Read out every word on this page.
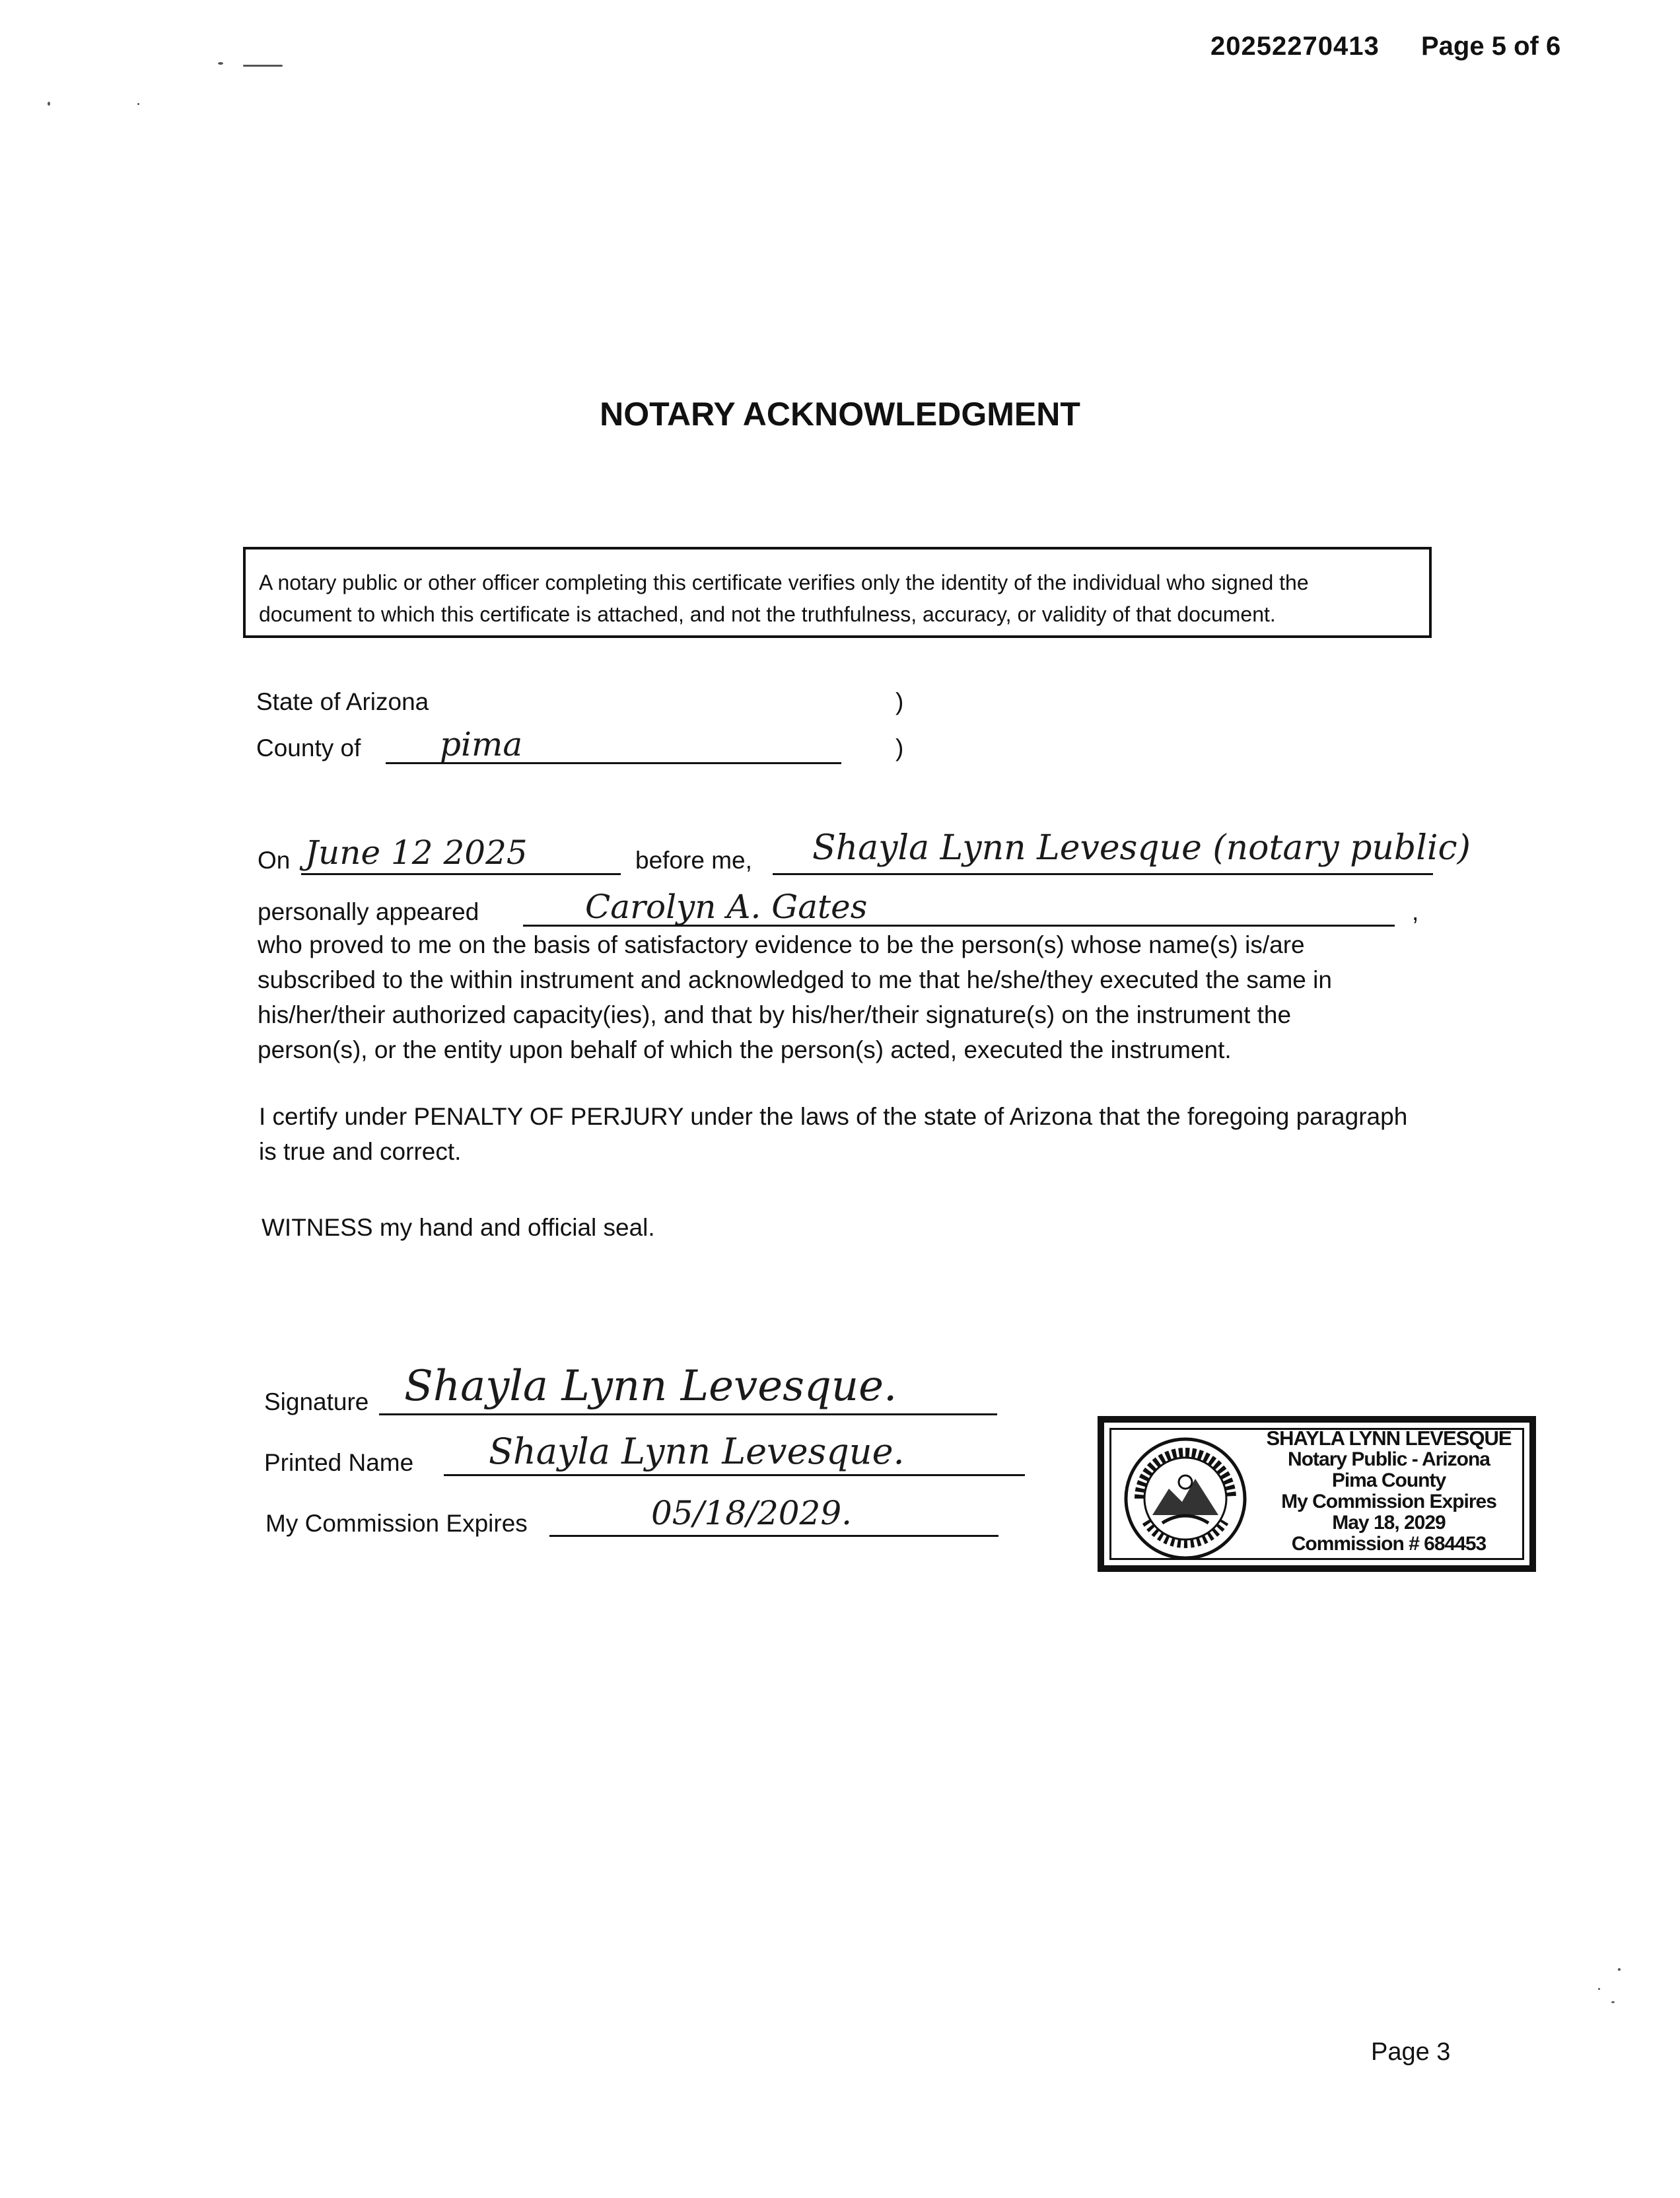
20252270413 Page 5 of 6
NOTARY ACKNOWLEDGMENT
A notary public or other officer completing this certificate verifies only the identity of the individual who signed the
document to which this certificate is attached, and not the truthfulness, accuracy, or validity of that document.
State of Arizona	)
County of pima	)
On June 12 2025	before me, Shayla Lynn Levesque (notary public)
personally appeared	Carolyn A. Gates	,
who proved to me on the basis of satisfactory evidence to be the person(s) whose name(s) is/are
subscribed to the within instrument and acknowledged to me that he/she/they executed the same in
his/her/their authorized capacity(ies), and that by his/her/their signature(s) on the instrument the
person(s), or the entity upon behalf of which the person(s) acted, executed the instrument.
I certify under PENALTY OF PERJURY under the laws of the state of Arizona that the foregoing paragraph
is true and correct.
WITNESS my hand and official seal.
Signature Shayla Lynn Levesque.
Printed Name Shayla Lynn Levesque.
My Commission Expires	05/18/2029.
SHAYLA LYNN LEVESQUE
Notary Public - Arizona
Pima County
My Commission Expires
May 18, 2029
Commission # 684453
Page 3
